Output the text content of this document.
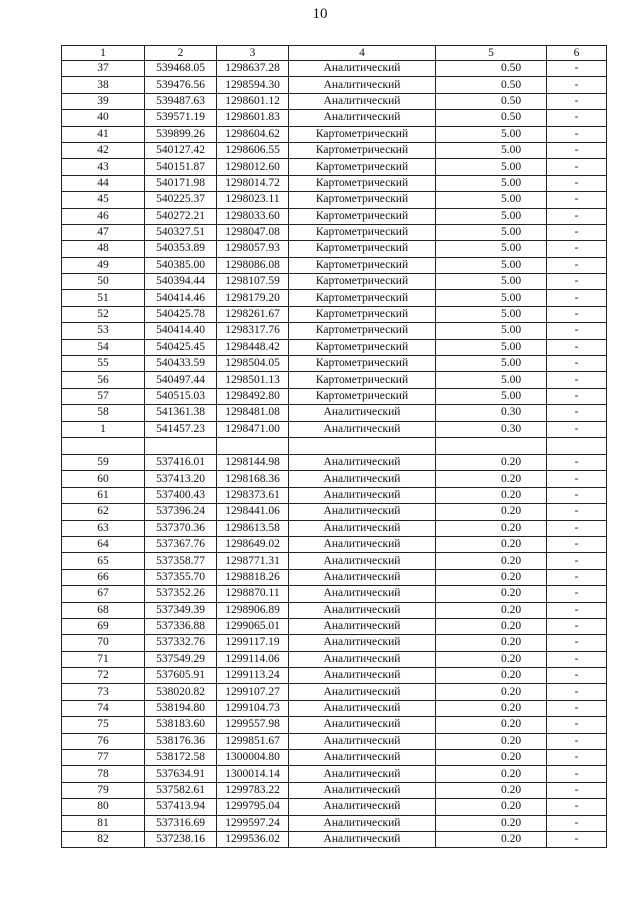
10
1	2	3	4	5	6
37	539468.05	1298637.28	Аналитический	0.50	-
38	539476.56	1298594.30	Аналитический	0.50	-
39	539487.63	1298601.12	Аналитический	0.50	-
40	539571.19	1298601.83	Аналитический	0.50	-
41	539899.26	1298604.62	Картометрический	5.00	-
42	540127.42	1298606.55	Картометрический	5.00	-
43	540151.87	1298012.60	Картометрический	5.00	-
44	540171.98	1298014.72	Картометрический	5.00	-
45	540225.37	1298023.11	Картометрический	5.00	-
46	540272.21	1298033.60	Картометрический	5.00	-
47	540327.51	1298047.08	Картометрический	5.00	-
48	540353.89	1298057.93	Картометрический	5.00	-
49	540385.00	1298086.08	Картометрический	5.00	-
50	540394.44	1298107.59	Картометрический	5.00	-
51	540414.46	1298179.20	Картометрический	5.00	-
52	540425.78	1298261.67	Картометрический	5.00	-
53	540414.40	1298317.76	Картометрический	5.00	-
54	540425.45	1298448.42	Картометрический	5.00	-
55	540433.59	1298504.05	Картометрический	5.00	-
56	540497.44	1298501.13	Картометрический	5.00	-
57	540515.03	1298492.80	Картометрический	5.00	-
58	541361.38	1298481.08	Аналитический	0.30	-
1	541457.23	1298471.00	Аналитический	0.30	-

59	537416.01	1298144.98	Аналитический	0.20	-
60	537413.20	1298168.36	Аналитический	0.20	-
61	537400.43	1298373.61	Аналитический	0.20	-
62	537396.24	1298441.06	Аналитический	0.20	-
63	537370.36	1298613.58	Аналитический	0.20	-
64	537367.76	1298649.02	Аналитический	0.20	-
65	537358.77	1298771.31	Аналитический	0.20	-
66	537355.70	1298818.26	Аналитический	0.20	-
67	537352.26	1298870.11	Аналитический	0.20	-
68	537349.39	1298906.89	Аналитический	0.20	-
69	537336.88	1299065.01	Аналитический	0.20	-
70	537332.76	1299117.19	Аналитический	0.20	-
71	537549.29	1299114.06	Аналитический	0.20	-
72	537605.91	1299113.24	Аналитический	0.20	-
73	538020.82	1299107.27	Аналитический	0.20	-
74	538194.80	1299104.73	Аналитический	0.20	-
75	538183.60	1299557.98	Аналитический	0.20	-
76	538176.36	1299851.67	Аналитический	0.20	-
77	538172.58	1300004.80	Аналитический	0.20	-
78	537634.91	1300014.14	Аналитический	0.20	-
79	537582.61	1299783.22	Аналитический	0.20	-
80	537413.94	1299795.04	Аналитический	0.20	-
81	537316.69	1299597.24	Аналитический	0.20	-
82	537238.16	1299536.02	Аналитический	0.20	-
